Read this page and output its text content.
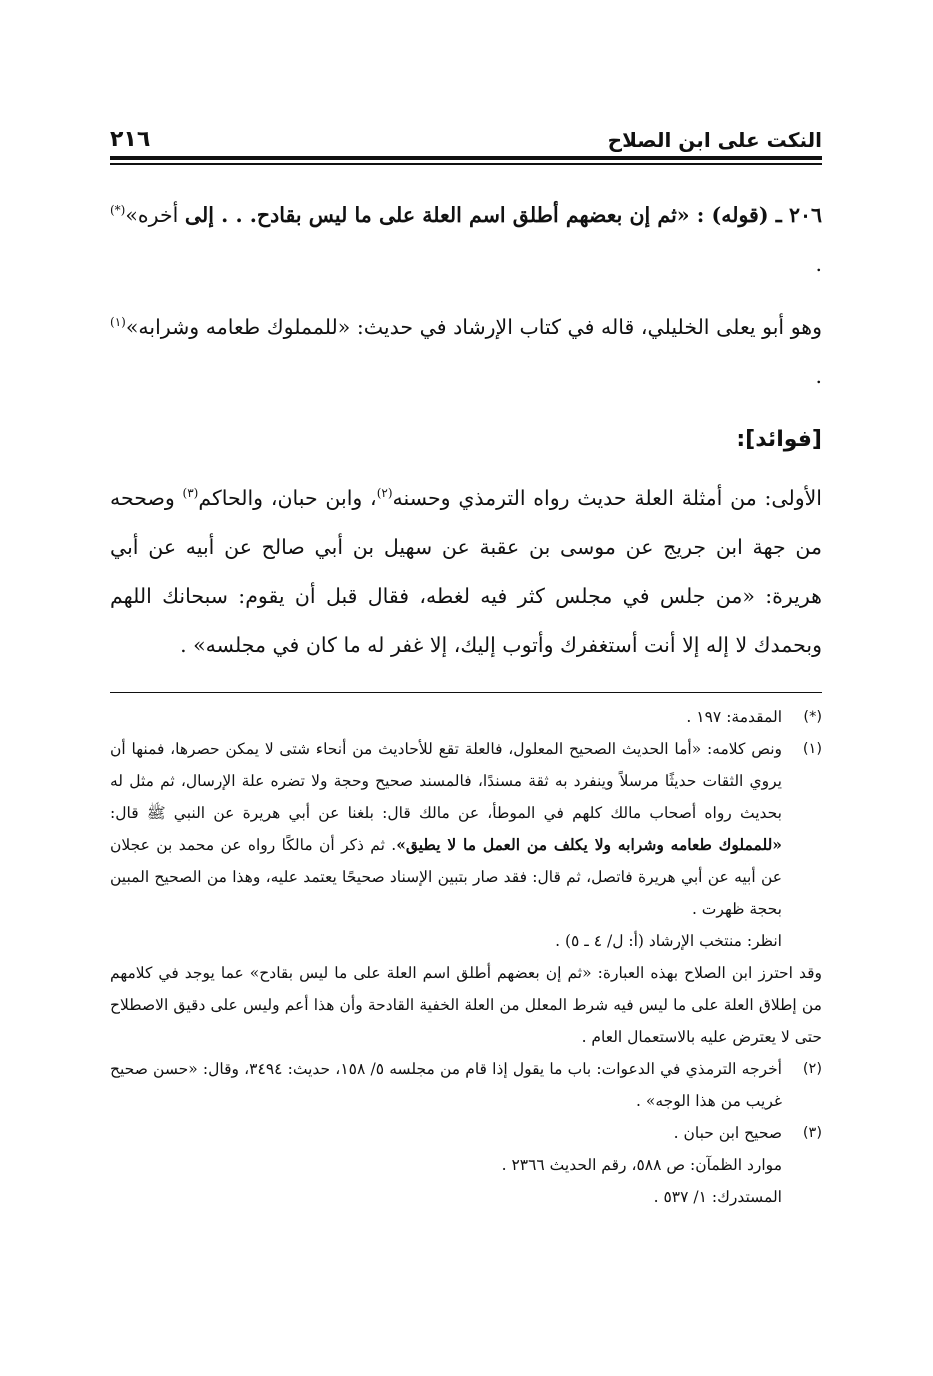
النكت على ابن الصلاح
٢١٦

٢٠٦ ـ (قوله) : «ثم إن بعضهم أطلق اسم العلة على ما ليس بقادح. . . إلى أخره»(*) .

وهو أبو يعلى الخليلي، قاله في كتاب الإرشاد في حديث: «للمملوك طعامه وشرابه»$^{(١)}$ .

[فوائد]:

الأولى: من أمثلة العلة حديث رواه الترمذي وحسنه$^{(٢)}$، وابن حبان، والحاكم$^{(٣)}$ وصححه من جهة ابن جريج عن موسى بن عقبة عن سهيل بن أبي صالح عن أبيه عن أبي هريرة: «من جلس في مجلس كثر فيه لغطه، فقال قبل أن يقوم: سبحانك اللهم وبحمدك لا إله إلا أنت أستغفرك وأتوب إليك، إلا غفر له ما كان في مجلسه» .

(*)
المقدمة: ١٩٧ .
(١)
ونص كلامه: «أما الحديث الصحيح المعلول، فالعلة تقع للأحاديث من أنحاء شتى لا يمكن حصرها، فمنها أن يروي الثقات حديثًا مرسلاً وينفرد به ثقة مسندًا، فالمسند صحيح وحجة ولا تضره علة الإرسال، ثم مثل له بحديث رواه أصحاب مالك كلهم في الموطأ، عن مالك قال: بلغنا عن أبي هريرة عن النبي ﷺ قال: «للمملوك طعامه وشرابه ولا يكلف من العمل ما لا يطيق». ثم ذكر أن مالكًا رواه عن محمد بن عجلان عن أبيه عن أبي هريرة فاتصل، ثم قال: فقد صار بتبين الإسناد صحيحًا يعتمد عليه، وهذا من الصحيح المبين بحجة ظهرت .
انظر: منتخب الإرشاد (أ: ل/ ٤ ـ ٥) .
وقد احترز ابن الصلاح بهذه العبارة: «ثم إن بعضهم أطلق اسم العلة على ما ليس بقادح» عما يوجد في كلامهم من إطلاق العلة على ما ليس فيه شرط المعلل من العلة الخفية القادحة وأن هذا أعم وليس على دقيق الاصطلاح حتى لا يعترض عليه بالاستعمال العام .
(٢)
أخرجه الترمذي في الدعوات: باب ما يقول إذا قام من مجلسه ٥/ ١٥٨، حديث: ٣٤٩٤، وقال: «حسن صحيح غريب من هذا الوجه» .
(٣)
صحيح ابن حبان .
موارد الظمآن: ص ٥٨٨، رقم الحديث ٢٣٦٦ .
المستدرك: ١/ ٥٣٧ .
